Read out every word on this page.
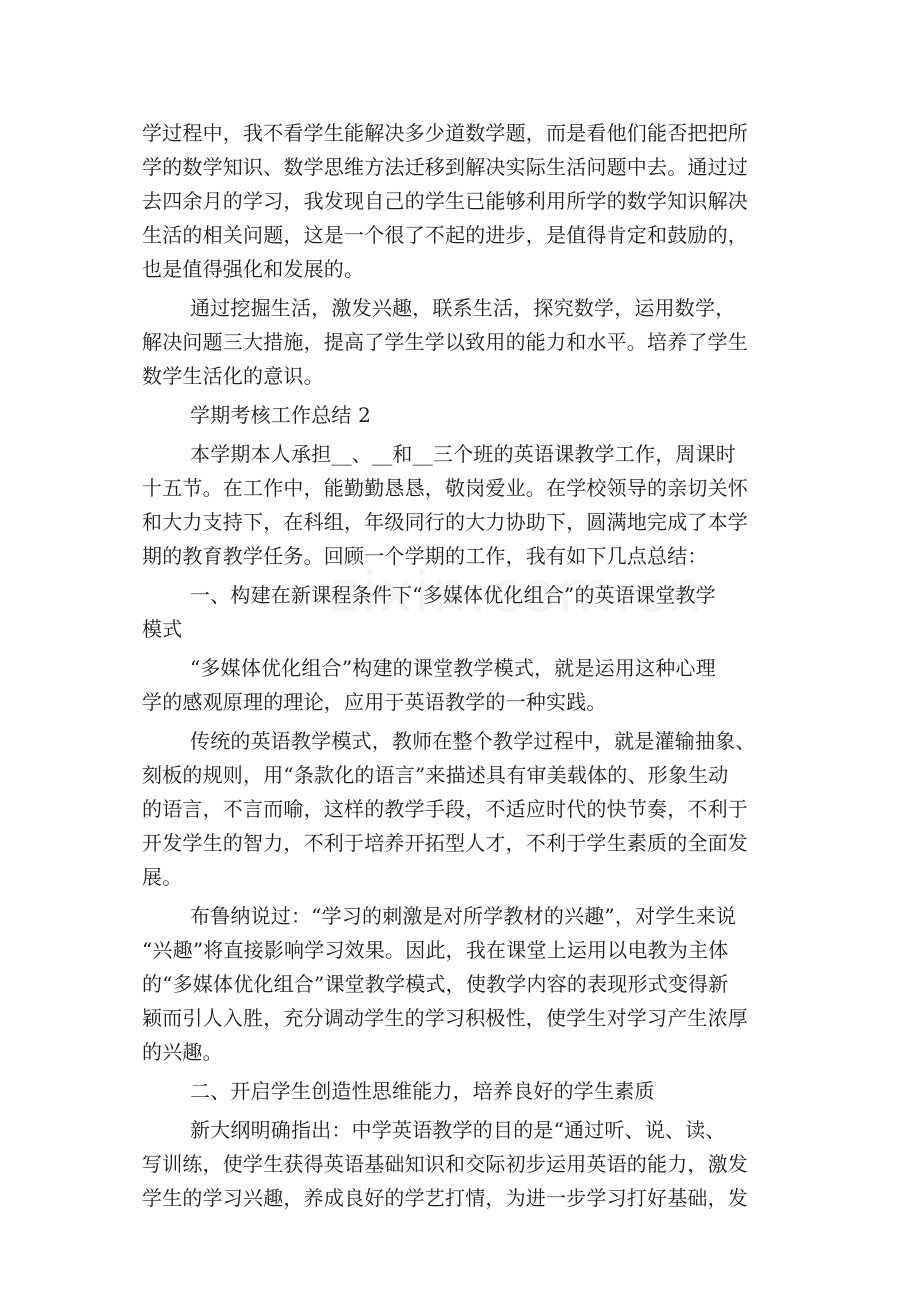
学过程中，我不看学生能解决多少道数学题，而是看他们能否把把所
学的数学知识、数学思维方法迁移到解决实际生活问题中去。通过过
去四余月的学习，我发现自己的学生已能够利用所学的数学知识解决
生活的相关问题，这是一个很了不起的进步，是值得肯定和鼓励的，
也是值得强化和发展的。
通过挖掘生活，激发兴趣，联系生活，探究数学，运用数学，
解决问题三大措施，提高了学生学以致用的能力和水平。培养了学生
数学生活化的意识。
学期考核工作总结 2
本学期本人承担__、__和__三个班的英语课教学工作，周课时
十五节。在工作中，能勤勤恳恳，敬岗爱业。在学校领导的亲切关怀
和大力支持下，在科组，年级同行的大力协助下，圆满地完成了本学
期的教育教学任务。回顾一个学期的工作，我有如下几点总结：
一、构建在新课程条件下“多媒体优化组合”的英语课堂教学
模式
“多媒体优化组合”构建的课堂教学模式，就是运用这种心理
学的感观原理的理论，应用于英语教学的一种实践。
传统的英语教学模式，教师在整个教学过程中，就是灌输抽象、
刻板的规则，用“条款化的语言”来描述具有审美载体的、形象生动
的语言，不言而喻，这样的教学手段，不适应时代的快节奏，不利于
开发学生的智力，不利于培养开拓型人才，不利于学生素质的全面发
展。
布鲁纳说过：“学习的刺激是对所学教材的兴趣”，对学生来说
“兴趣”将直接影响学习效果。因此，我在课堂上运用以电教为主体
的“多媒体优化组合”课堂教学模式，使教学内容的表现形式变得新
颖而引人入胜，充分调动学生的学习积极性，使学生对学习产生浓厚
的兴趣。
二、开启学生创造性思维能力，培养良好的学生素质
新大纲明确指出：中学英语教学的目的是“通过听、说、读、
写训练，使学生获得英语基础知识和交际初步运用英语的能力，激发
学生的学习兴趣，养成良好的学艺打情，为进一步学习打好基础，发
